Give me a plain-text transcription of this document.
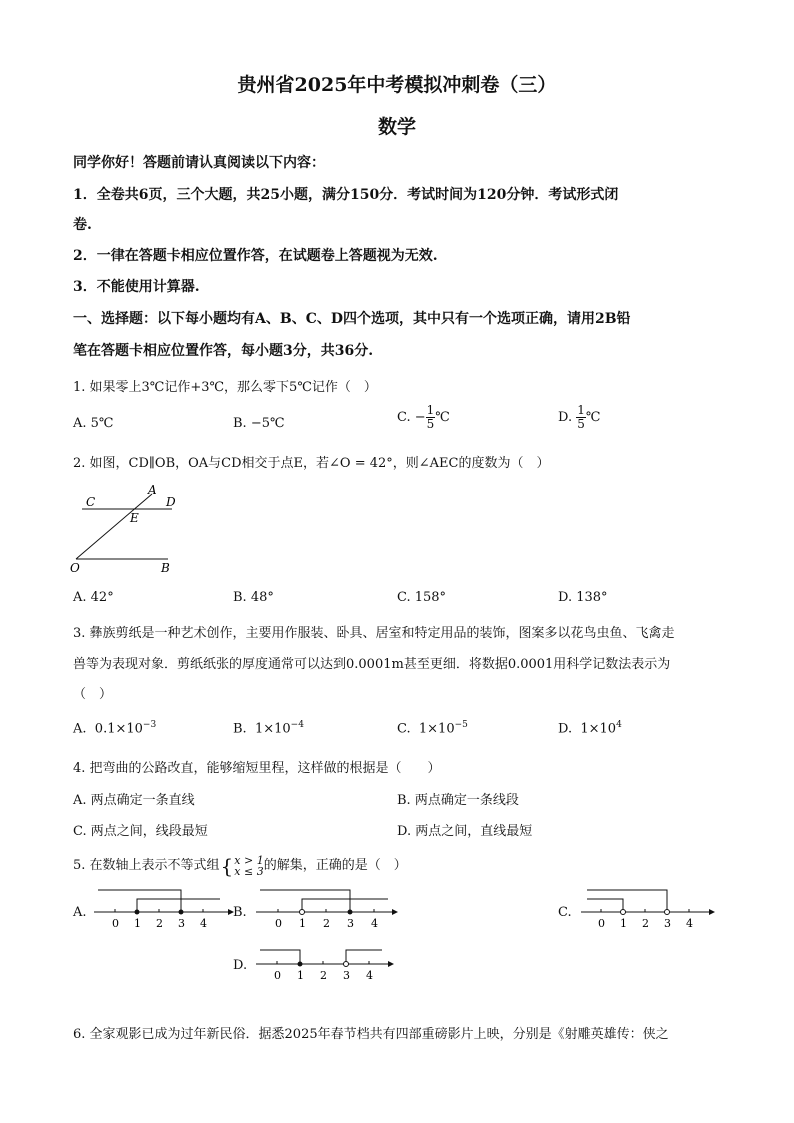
贵州省2025年中考模拟冲刺卷（三）
数学
同学你好！答题前请认真阅读以下内容：
1．全卷共6页，三个大题，共25小题，满分150分．考试时间为120分钟．考试形式闭
卷.
2．一律在答题卡相应位置作答，在试题卷上答题视为无效.
3．不能使用计算器.
一、选择题：以下每小题均有A、B、C、D四个选项，其中只有一个选项正确，请用2B铅
笔在答题卡相应位置作答，每小题3分，共36分.
1. 如果零上3℃记作+3℃，那么零下5℃记作（　）
A. 5℃	B. −5℃	C. − $\frac{1}{5}$ ℃	D. $\frac{1}{5}$ ℃
2. 如图，CD∥OB，OA与CD相交于点E，若∠O = 42°，则∠AEC的度数为（　）
C
A
D
E
O	B
A. 42°	B. 48°	C. 158°	D. 138°
3. 彝族剪纸是一种艺术创作，主要用作服装、卧具、居室和特定用品的装饰，图案多以花鸟虫鱼、飞禽走
兽等为表现对象．剪纸纸张的厚度通常可以达到0.0001m甚至更细．将数据0.0001用科学记数法表示为
（　）
A. $0.1\times 10^{-3}$	B. $1\times 10^{-4}$	C. $1\times 10^{-5}$	D. $1\times 10^4$
4. 把弯曲的公路改直，能够缩短里程，这样做的根据是（　　）
A. 两点确定一条直线	B. 两点确定一条线段
C. 两点之间，线段最短	D. 两点之间，直线最短
5. 在数轴上表示不等式组{ x > 1
x ≤ 3 的解集，正确的是（　）
A.
0 1 2 3 4
B.
0 1 2 3 4
C.
0 1 2 3 4
D.
0 1 2 3 4
6. 全家观影已成为过年新民俗．据悉2025年春节档共有四部重磅影片上映，分别是《射雕英雄传：侠之
